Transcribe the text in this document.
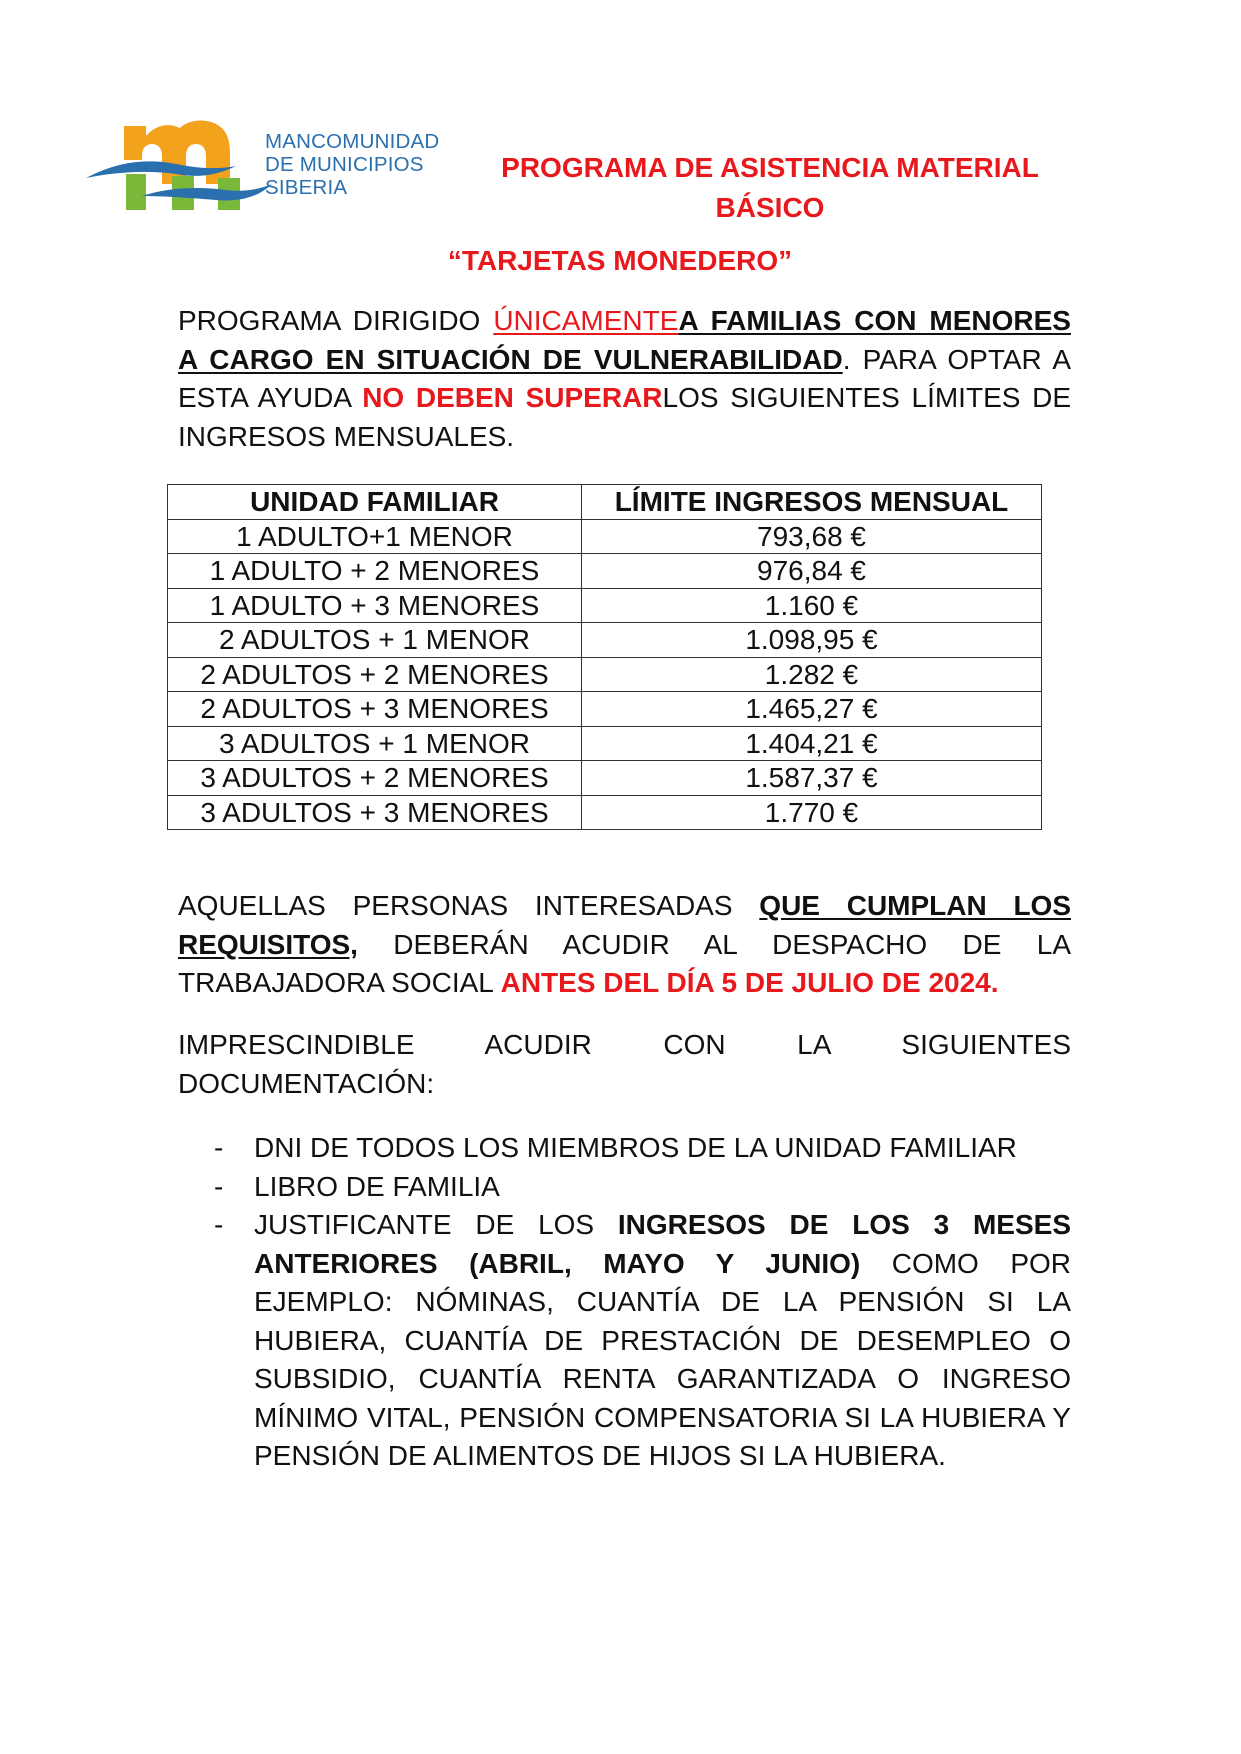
MANCOMUNIDAD
DE MUNICIPIOS
SIBERIA
PROGRAMA DE ASISTENCIA MATERIAL
BÁSICO
“TARJETAS MONEDERO”
PROGRAMA DIRIGIDO ÚNICAMENTEA FAMILIAS CON MENORES A CARGO EN SITUACIÓN DE VULNERABILIDAD. PARA OPTAR A ESTA AYUDA NO DEBEN SUPERARLOS SIGUIENTES LÍMITES DE INGRESOS MENSUALES.
UNIDAD FAMILIAR	LÍMITE INGRESOS MENSUAL
1 ADULTO+1 MENOR	793,68 €
1 ADULTO + 2 MENORES	976,84 €
1 ADULTO + 3 MENORES	1.160 €
2 ADULTOS + 1 MENOR	1.098,95 €
2 ADULTOS + 2 MENORES	1.282 €
2 ADULTOS + 3 MENORES	1.465,27 €
3 ADULTOS + 1 MENOR	1.404,21 €
3 ADULTOS + 2 MENORES	1.587,37 €
3 ADULTOS + 3 MENORES	1.770 €
AQUELLAS PERSONAS INTERESADAS QUE CUMPLAN LOS REQUISITOS, DEBERÁN ACUDIR AL DESPACHO DE LA TRABAJADORA SOCIAL ANTES DEL DÍA 5 DE JULIO DE 2024.
IMPRESCINDIBLE ACUDIR CON LA SIGUIENTES DOCUMENTACIÓN:
- DNI DE TODOS LOS MIEMBROS DE LA UNIDAD FAMILIAR
- LIBRO DE FAMILIA
- JUSTIFICANTE DE LOS INGRESOS DE LOS 3 MESES ANTERIORES (ABRIL, MAYO Y JUNIO) COMO POR EJEMPLO: NÓMINAS, CUANTÍA DE LA PENSIÓN SI LA HUBIERA, CUANTÍA DE PRESTACIÓN DE DESEMPLEO O SUBSIDIO, CUANTÍA RENTA GARANTIZADA O INGRESO MÍNIMO VITAL, PENSIÓN COMPENSATORIA SI LA HUBIERA Y PENSIÓN DE ALIMENTOS DE HIJOS SI LA HUBIERA.
